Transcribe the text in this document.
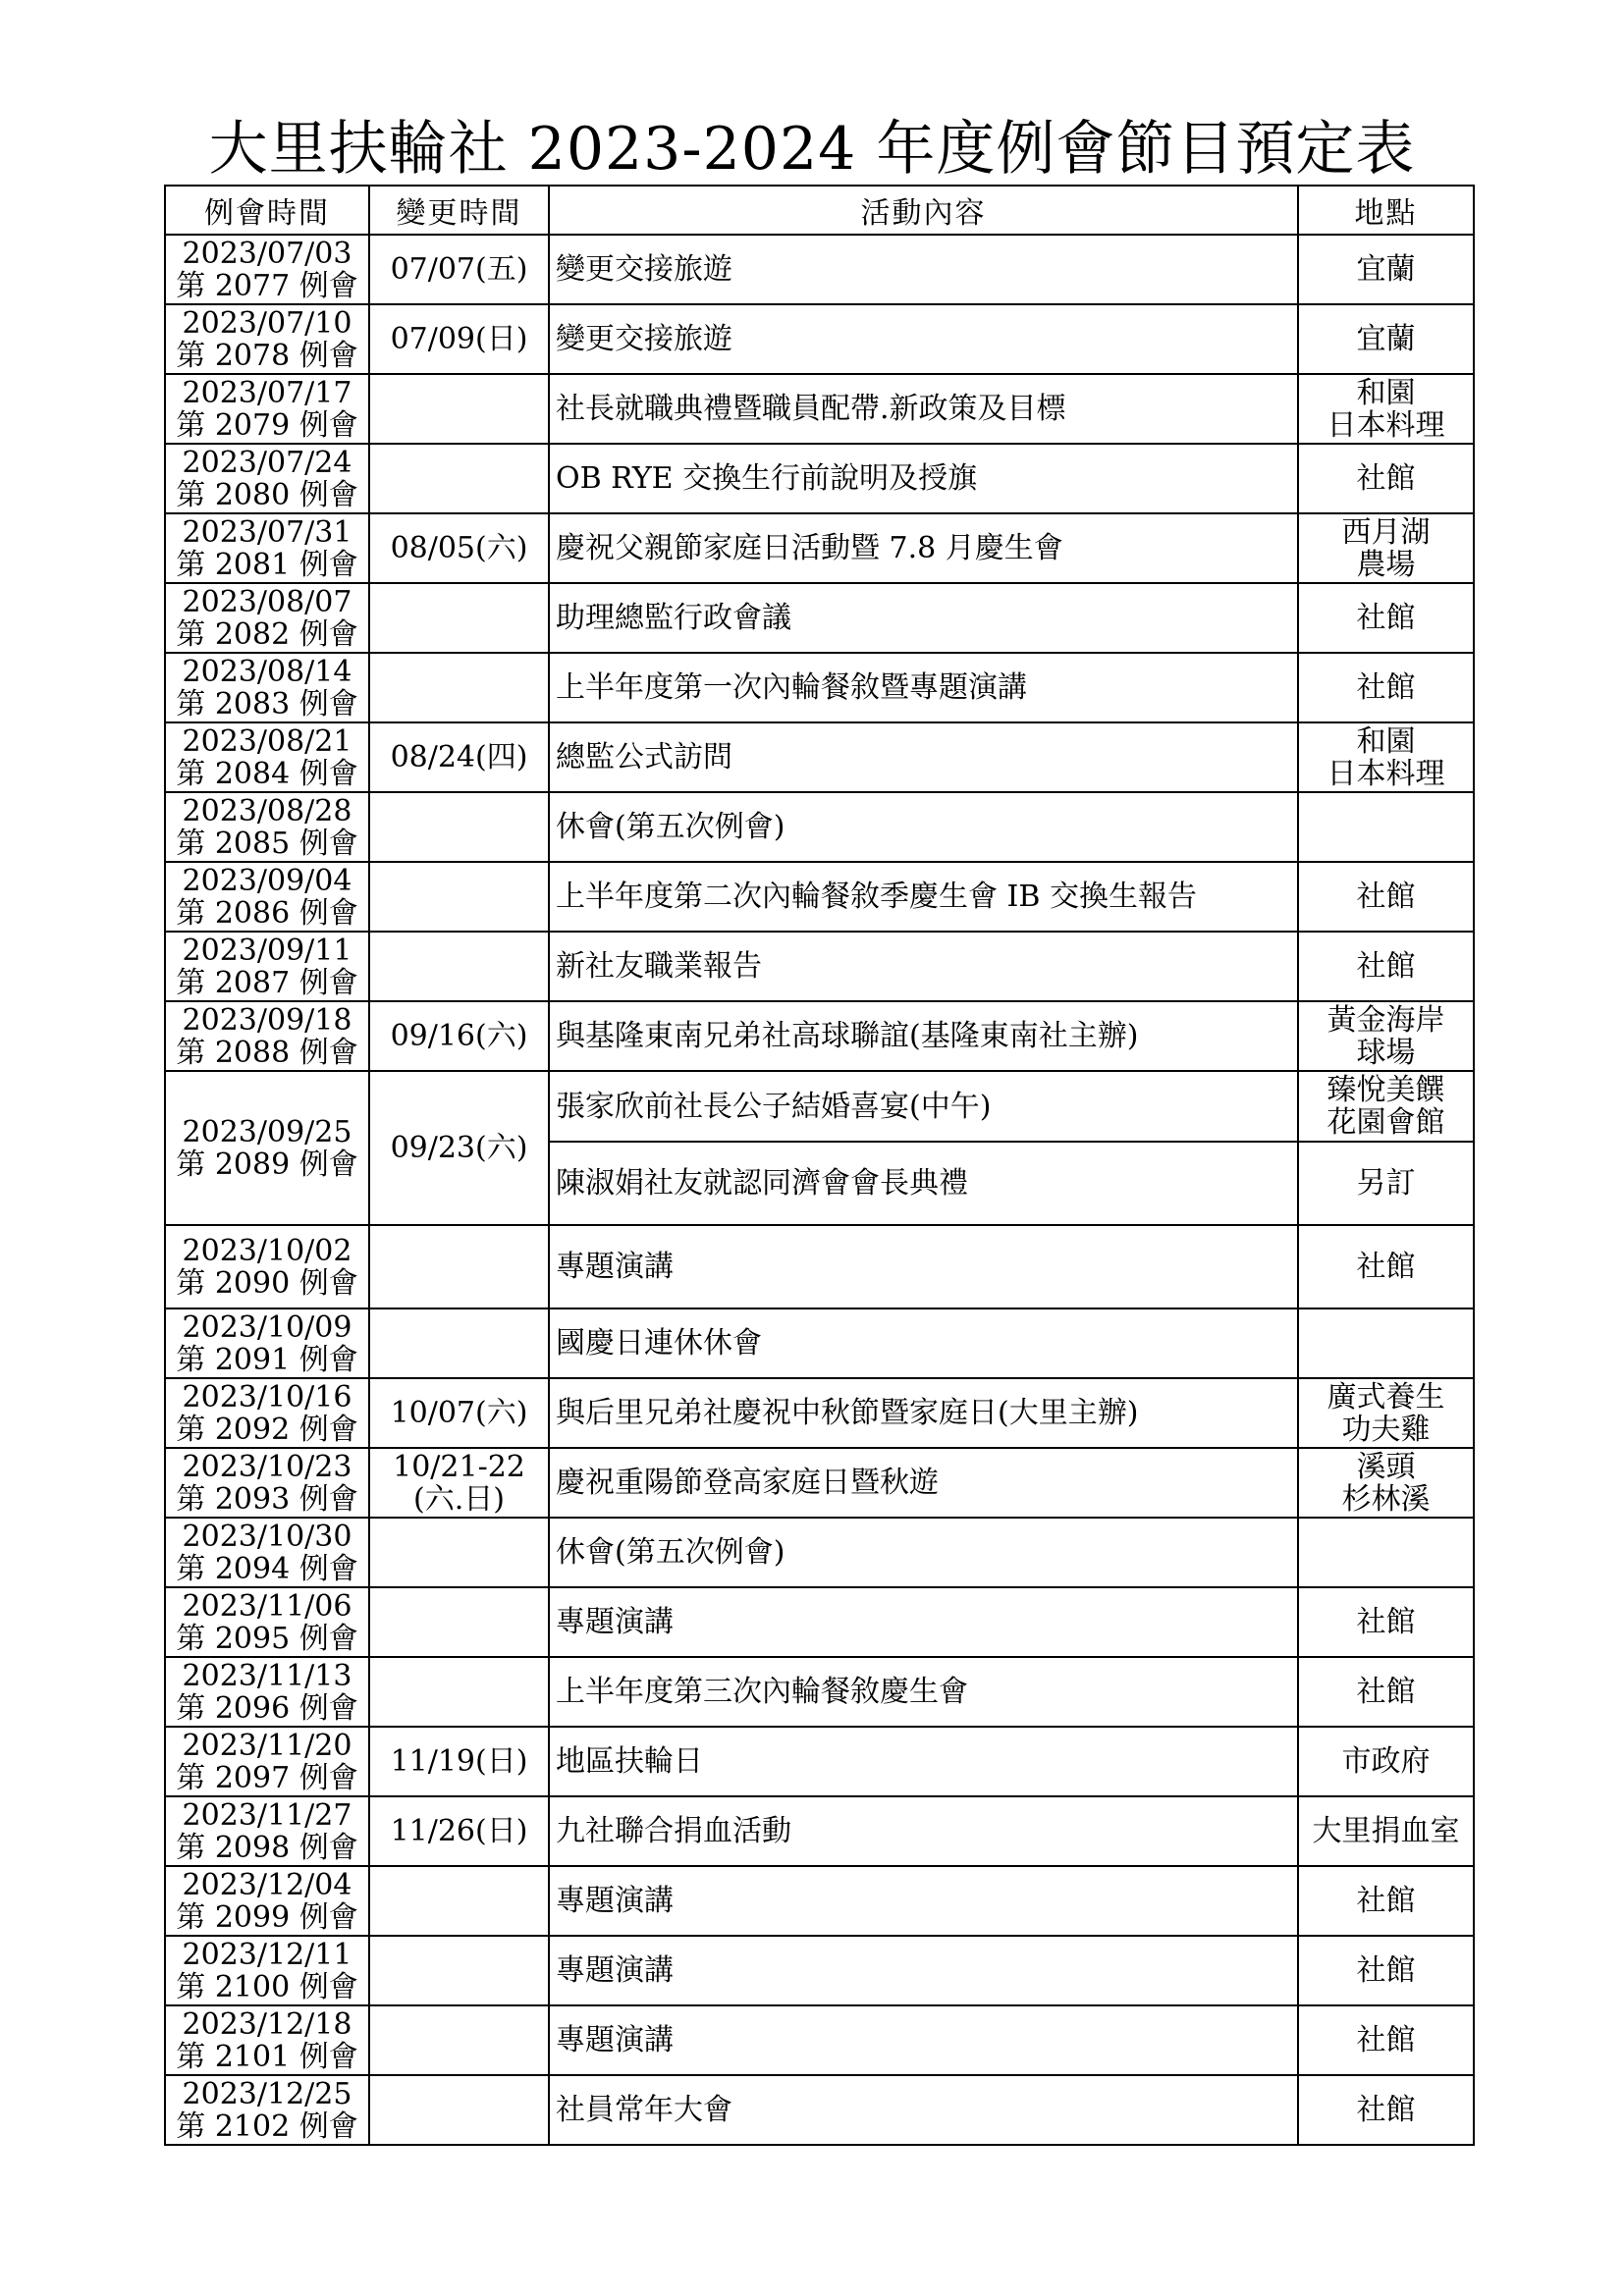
大里扶輪社 2023-2024 年度例會節目預定表
例會時間	變更時間	活動內容	地點

2023/07/03
第 2077 例會	07/07(五)	變更交接旅遊	宜蘭

2023/07/10
第 2078 例會	07/09(日)	變更交接旅遊	宜蘭

2023/07/17
第 2079 例會		社長就職典禮暨職員配帶.新政策及目標	和園
日本料理

2023/07/24
第 2080 例會		OB RYE 交換生行前說明及授旗	社館

2023/07/31
第 2081 例會	08/05(六)	慶祝父親節家庭日活動暨 7.8 月慶生會	西月湖
農場

2023/08/07
第 2082 例會		助理總監行政會議	社館

2023/08/14
第 2083 例會		上半年度第一次內輪餐敘暨專題演講	社館

2023/08/21
第 2084 例會	08/24(四)	總監公式訪問	和園
日本料理

2023/08/28
第 2085 例會		休會(第五次例會)	

2023/09/04
第 2086 例會		上半年度第二次內輪餐敘季慶生會 IB 交換生報告	社館

2023/09/11
第 2087 例會		新社友職業報告	社館

2023/09/18
第 2088 例會	09/16(六)	與基隆東南兄弟社高球聯誼(基隆東南社主辦)	黃金海岸
球場

2023/09/25
第 2089 例會	09/23(六)	張家欣前社長公子結婚喜宴(中午)	臻悅美饌
花園會館

		陳淑娟社友就認同濟會會長典禮	另訂

2023/10/02
第 2090 例會		專題演講	社館

2023/10/09
第 2091 例會		國慶日連休休會	

2023/10/16
第 2092 例會	10/07(六)	與后里兄弟社慶祝中秋節暨家庭日(大里主辦)	廣式養生
功夫雞

2023/10/23
第 2093 例會	10/21-22
(六.日)	慶祝重陽節登高家庭日暨秋遊	溪頭
杉林溪

2023/10/30
第 2094 例會		休會(第五次例會)	

2023/11/06
第 2095 例會		專題演講	社館

2023/11/13
第 2096 例會		上半年度第三次內輪餐敘慶生會	社館

2023/11/20
第 2097 例會	11/19(日)	地區扶輪日	市政府

2023/11/27
第 2098 例會	11/26(日)	九社聯合捐血活動	大里捐血室

2023/12/04
第 2099 例會		專題演講	社館

2023/12/11
第 2100 例會		專題演講	社館

2023/12/18
第 2101 例會		專題演講	社館

2023/12/25
第 2102 例會		社員常年大會	社館
